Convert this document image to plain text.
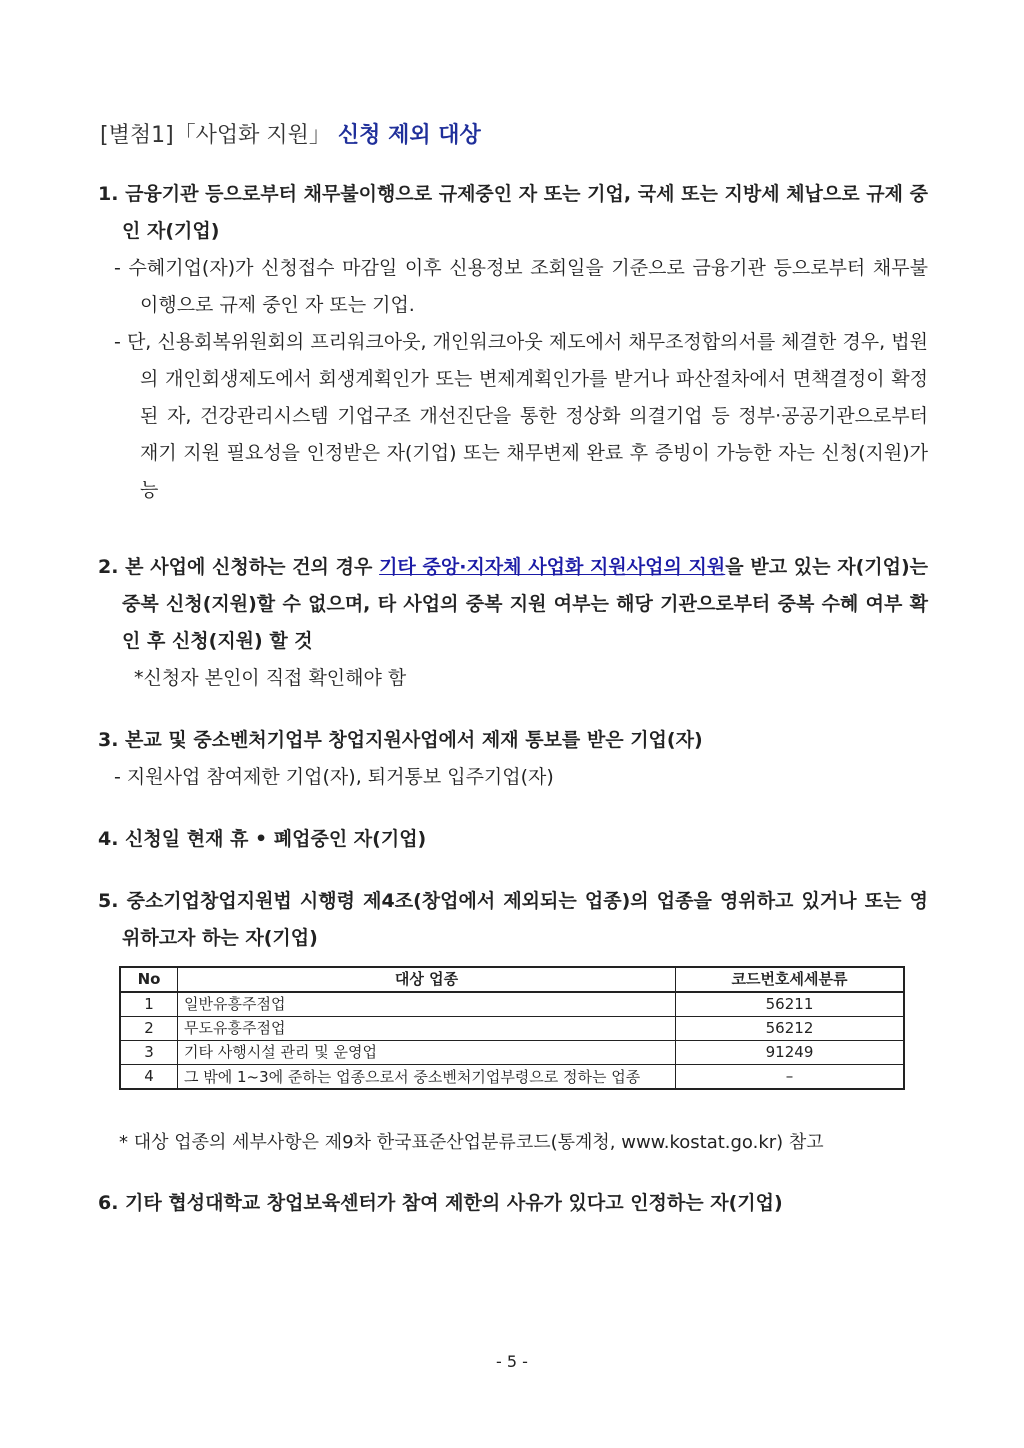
[별첨1]「사업화 지원」 신청 제외 대상
1. 금융기관 등으로부터 채무불이행으로 규제중인 자 또는 기업, 국세 또는 지방세 체납으로 규제 중인 자(기업)
- 수혜기업(자)가 신청접수 마감일 이후 신용정보 조회일을 기준으로 금융기관 등으로부터 채무불이행으로 규제 중인 자 또는 기업.
- 단, 신용회복위원회의 프리워크아웃, 개인워크아웃 제도에서 채무조정합의서를 체결한 경우, 법원의 개인회생제도에서 회생계획인가 또는 변제계획인가를 받거나 파산절차에서 면책결정이 확정된 자, 건강관리시스템 기업구조 개선진단을 통한 정상화 의결기업 등 정부·공공기관으로부터 재기 지원 필요성을 인정받은 자(기업) 또는 채무변제 완료 후 증빙이 가능한 자는 신청(지원)가능
2. 본 사업에 신청하는 건의 경우 기타 중앙·지자체 사업화 지원사업의 지원을 받고 있는 자(기업)는 중복 신청(지원)할 수 없으며, 타 사업의 중복 지원 여부는 해당 기관으로부터 중복 수혜 여부 확인 후 신청(지원) 할 것
*신청자 본인이 직접 확인해야 함
3. 본교 및 중소벤처기업부 창업지원사업에서 제재 통보를 받은 기업(자)
- 지원사업 참여제한 기업(자), 퇴거통보 입주기업(자)
4. 신청일 현재 휴 • 폐업중인 자(기업)
5. 중소기업창업지원법 시행령 제4조(창업에서 제외되는 업종)의 업종을 영위하고 있거나 또는 영위하고자 하는 자(기업)
No	대상 업종	코드번호세세분류
1	일반유흥주점업	56211
2	무도유흥주점업	56212
3	기타 사행시설 관리 및 운영업	91249
4	그 밖에 1~3에 준하는 업종으로서 중소벤처기업부령으로 정하는 업종	–
* 대상 업종의 세부사항은 제9차 한국표준산업분류코드(통계청, www.kostat.go.kr) 참고
6. 기타 협성대학교 창업보육센터가 참여 제한의 사유가 있다고 인정하는 자(기업)
- 5 -
